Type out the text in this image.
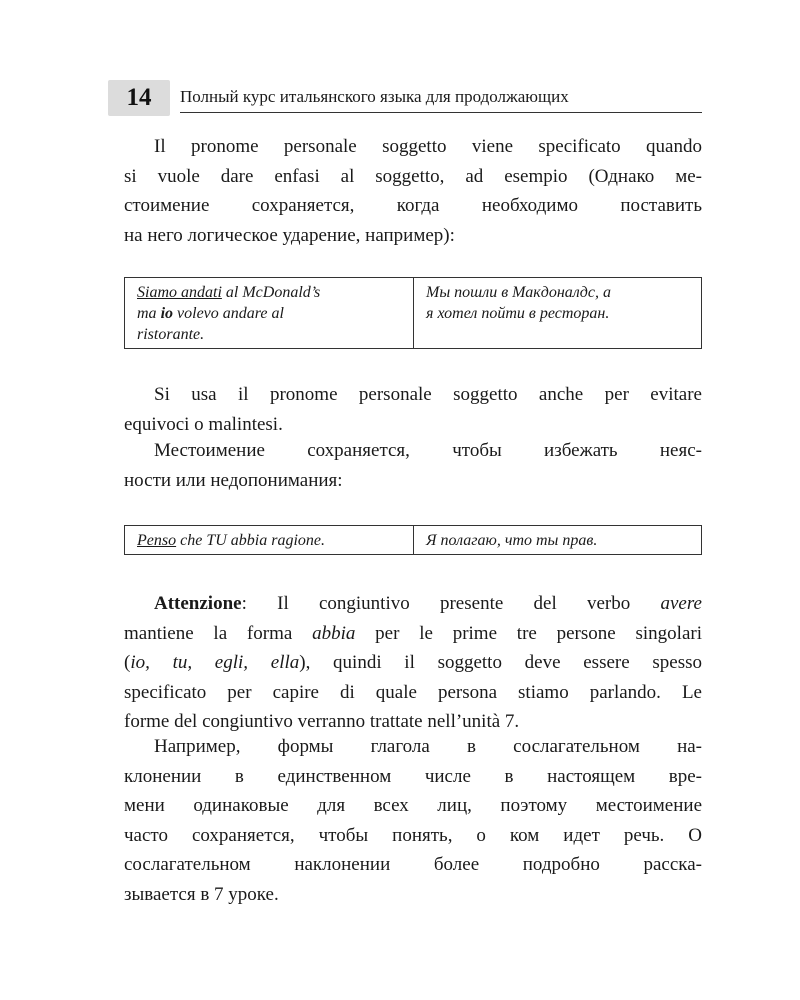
14	Полный курс итальянского языка для продолжающих

Il pronome personale soggetto viene specificato quando
si vuole dare enfasi al soggetto, ad esempio (Однако ме-
стоимение сохраняется, когда необходимо поставить
на него логическое ударение, например):

Siamo andati al McDonald’s
ma io volevo andare al
ristorante.	Мы пошли в Макдоналдс, а
я хотел пойти в ресторан.

Si usa il pronome personale soggetto anche per evitare
equivoci o malintesi.

Местоимение сохраняется, чтобы избежать неяс-
ности или недопонимания:

Penso che TU abbia ragione.	Я полагаю, что ты прав.

Attenzione: Il congiuntivo presente del verbo avere
mantiene la forma abbia per le prime tre persone singolari
(io, tu, egli, ella), quindi il soggetto deve essere spesso
specificato per capire di quale persona stiamo parlando. Le
forme del congiuntivo verranno trattate nell’unità 7.

Например, формы глагола в сослагательном на-
клонении в единственном числе в настоящем вре-
мени одинаковые для всех лиц, поэтому местоимение
часто сохраняется, чтобы понять, о ком идет речь. О
сослагательном наклонении более подробно расска-
зывается в 7 уроке.
